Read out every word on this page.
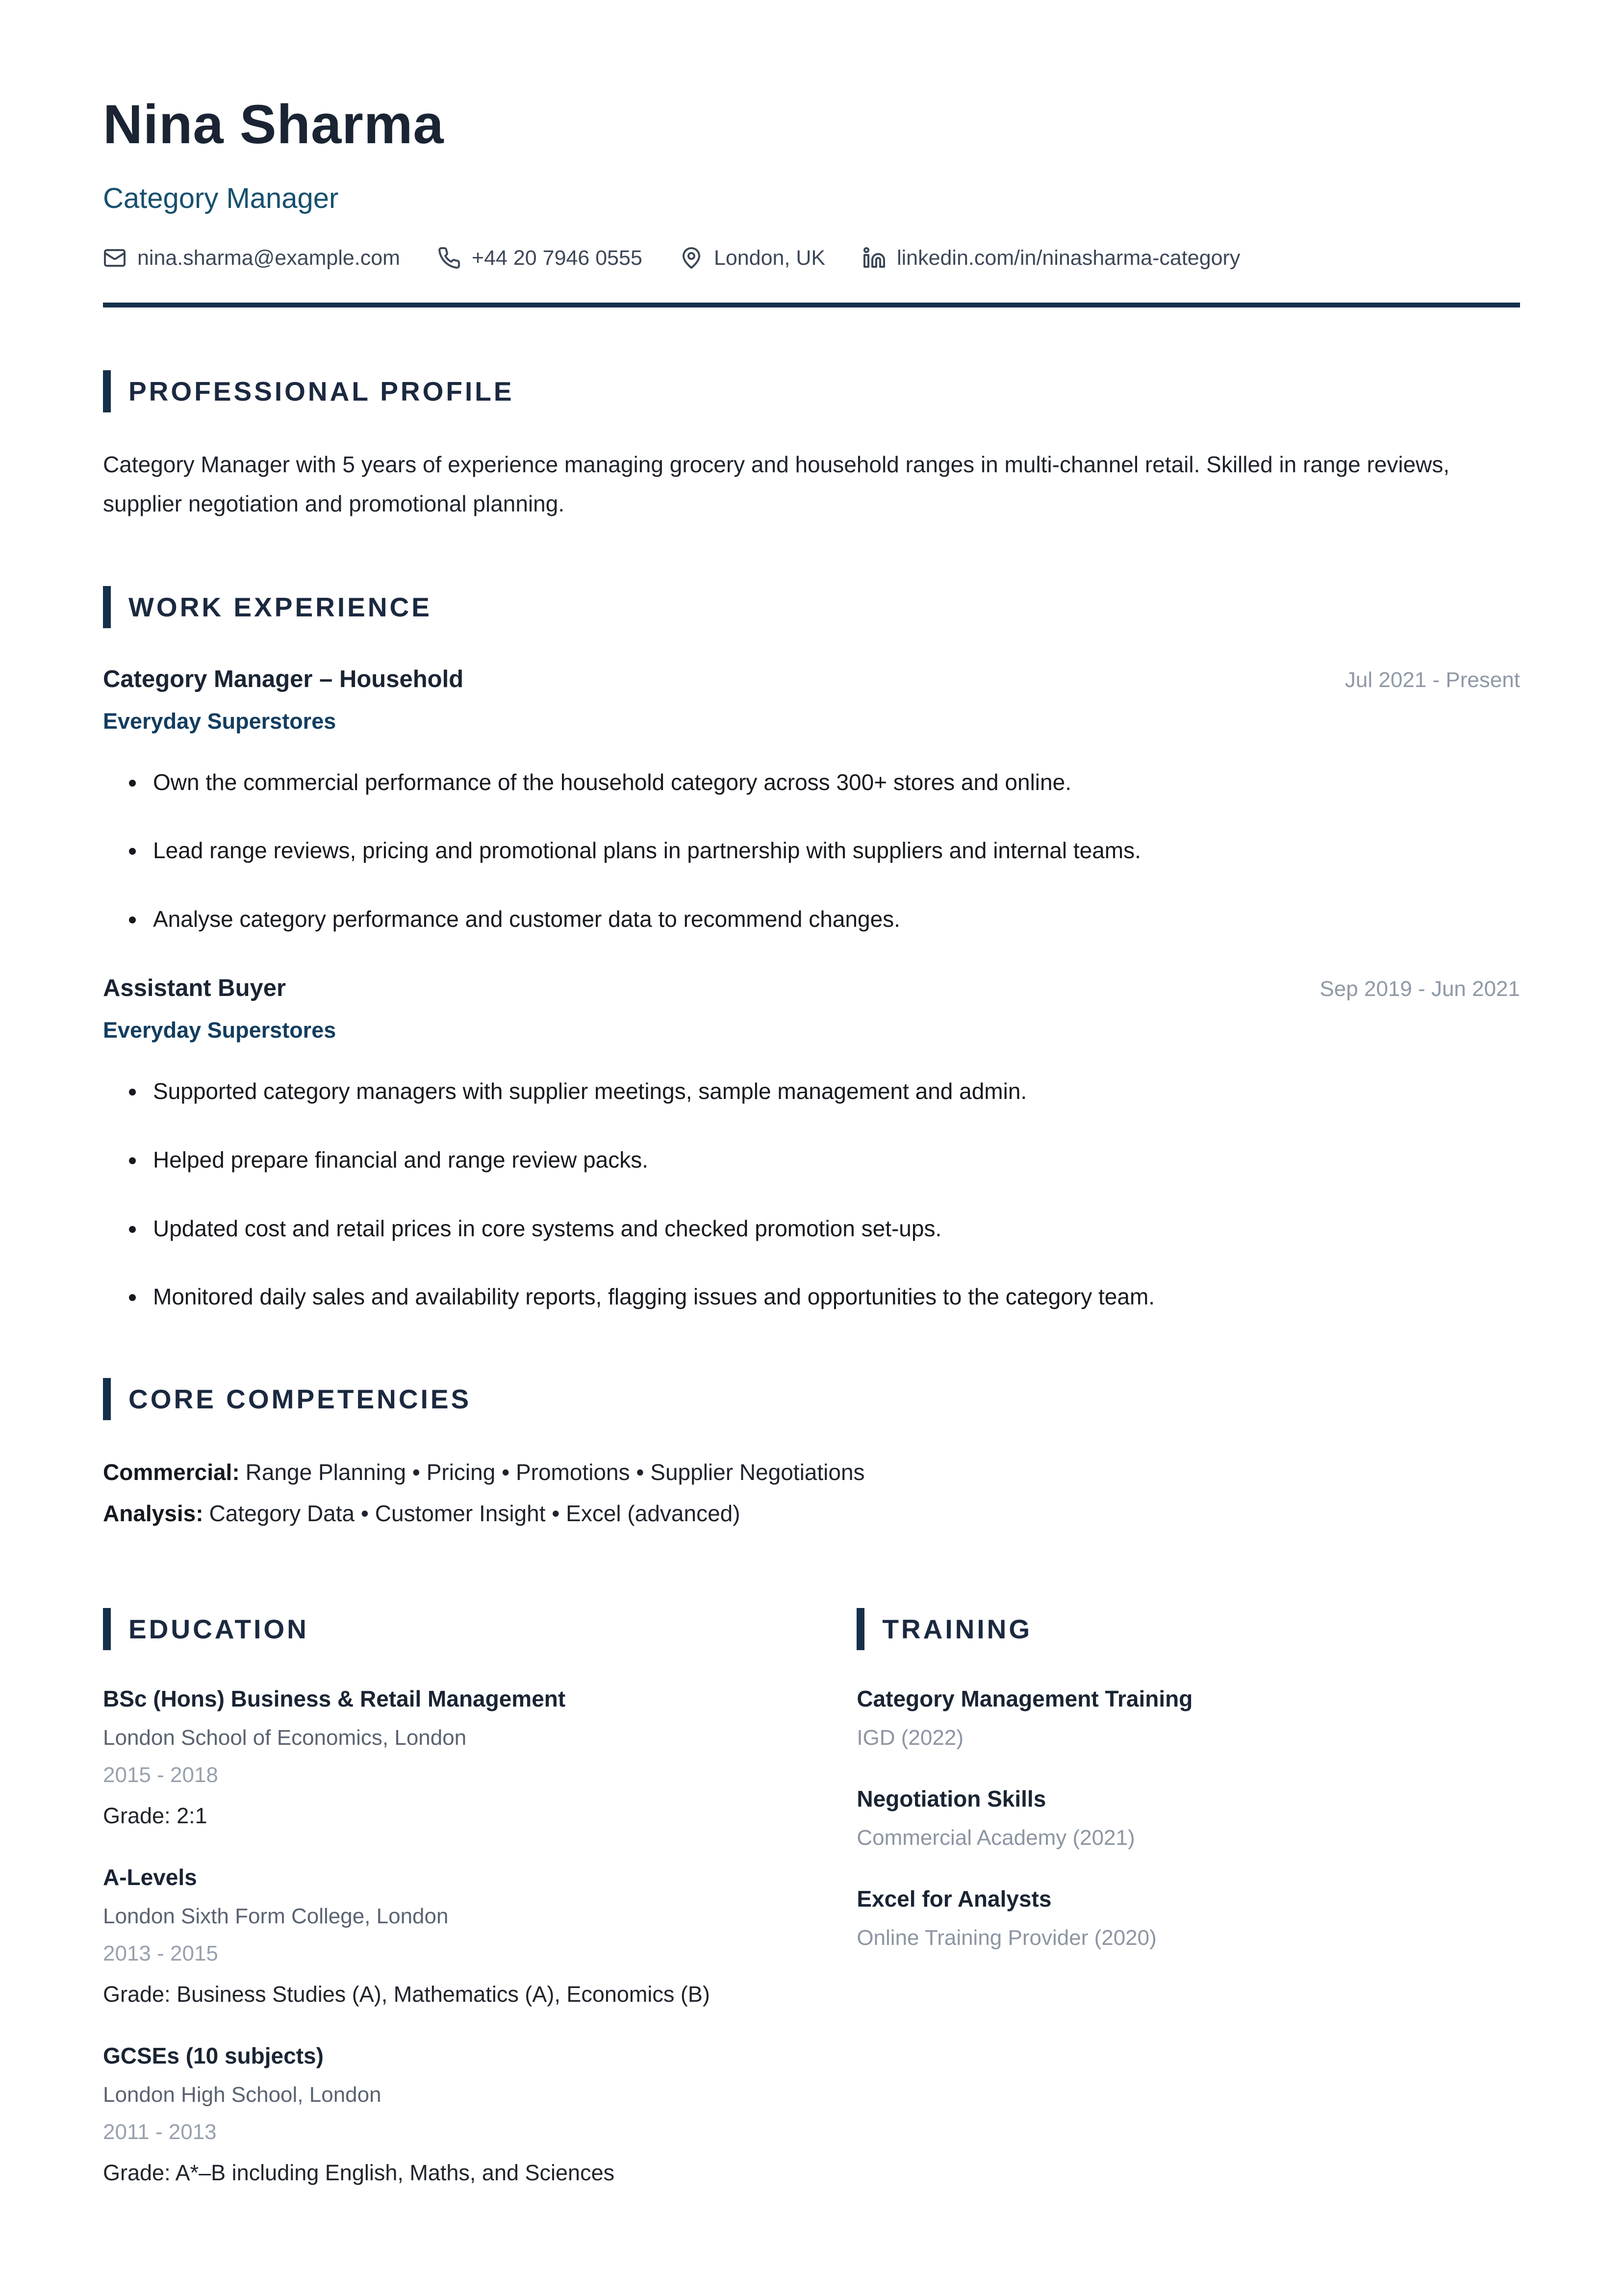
Nina Sharma
Category Manager
nina.sharma@example.com	+44 20 7946 0555	London, UK	linkedin.com/in/ninasharma-category
PROFESSIONAL PROFILE

Category Manager with 5 years of experience managing grocery and household ranges in multi-channel retail. Skilled in range reviews, supplier negotiation and promotional planning.

WORK EXPERIENCE
Category Manager – Household	Jul 2021 - Present
Everyday Superstores
• Own the commercial performance of the household category across 300+ stores and online.
• Lead range reviews, pricing and promotional plans in partnership with suppliers and internal teams.
• Analyse category performance and customer data to recommend changes.
Assistant Buyer	Sep 2019 - Jun 2021
Everyday Superstores
• Supported category managers with supplier meetings, sample management and admin.
• Helped prepare financial and range review packs.
• Updated cost and retail prices in core systems and checked promotion set-ups.
• Monitored daily sales and availability reports, flagging issues and opportunities to the category team.
CORE COMPETENCIES

Commercial: Range Planning • Pricing • Promotions • Supplier Negotiations

Analysis: Category Data • Customer Insight • Excel (advanced)

EDUCATION
BSc (Hons) Business & Retail Management
London School of Economics, London
2015 - 2018
Grade: 2:1
A-Levels
London Sixth Form College, London
2013 - 2015
Grade: Business Studies (A), Mathematics (A), Economics (B)
GCSEs (10 subjects)
London High School, London
2011 - 2013
Grade: A*–B including English, Maths, and Sciences
TRAINING
Category Management Training
IGD (2022)
Negotiation Skills
Commercial Academy (2021)
Excel for Analysts
Online Training Provider (2020)
